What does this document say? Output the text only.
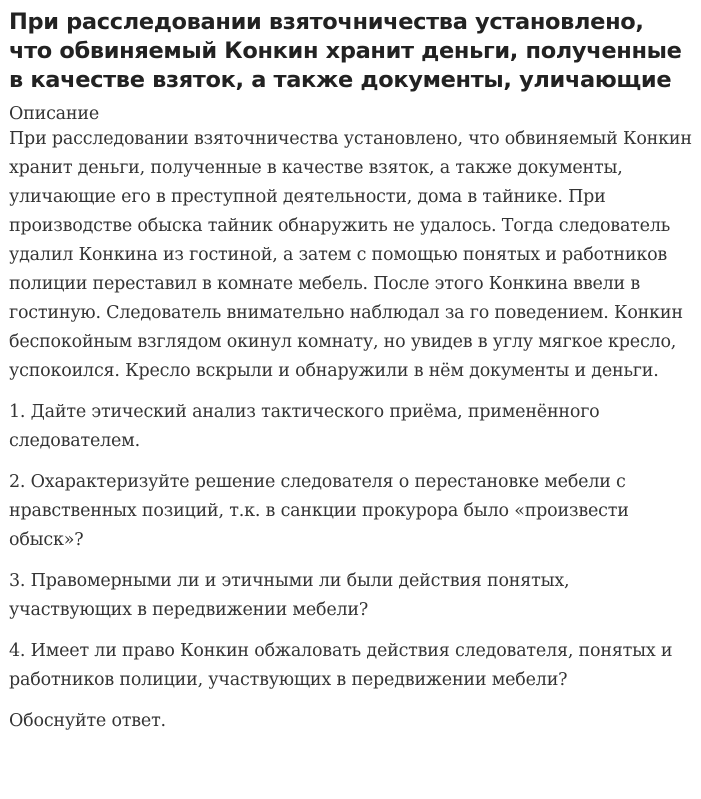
При расследовании взяточничества установлено, что обвиняемый Конкин хранит деньги, полученные в качестве взяток, а также документы, уличающие
Описание

При расследовании взяточничества установлено, что обвиняемый Конкин хранит деньги, полученные в качестве взяток, а также документы, уличающие его в преступной деятельности, дома в тайнике. При производстве обыска тайник обнаружить не удалось. Тогда следователь удалил Конкина из гостиной, а затем с помощью понятых и работников полиции переставил в комнате мебель. После этого Конкина ввели в гостиную. Следователь внимательно наблюдал за го поведением. Конкин беспокойным взглядом окинул комнату, но увидев в углу мягкое кресло, успокоился. Кресло вскрыли и обнаружили в нём документы и деньги.

1. Дайте этический анализ тактического приёма, применённого следователем.

2. Охарактеризуйте решение следователя о перестановке мебели с нравственных позиций, т.к. в санкции прокурора было «произвести обыск»?

3. Правомерными ли и этичными ли были действия понятых, участвующих в передвижении мебели?

4. Имеет ли право Конкин обжаловать действия следователя, понятых и работников полиции, участвующих в передвижении мебели?

Обоснуйте ответ.
